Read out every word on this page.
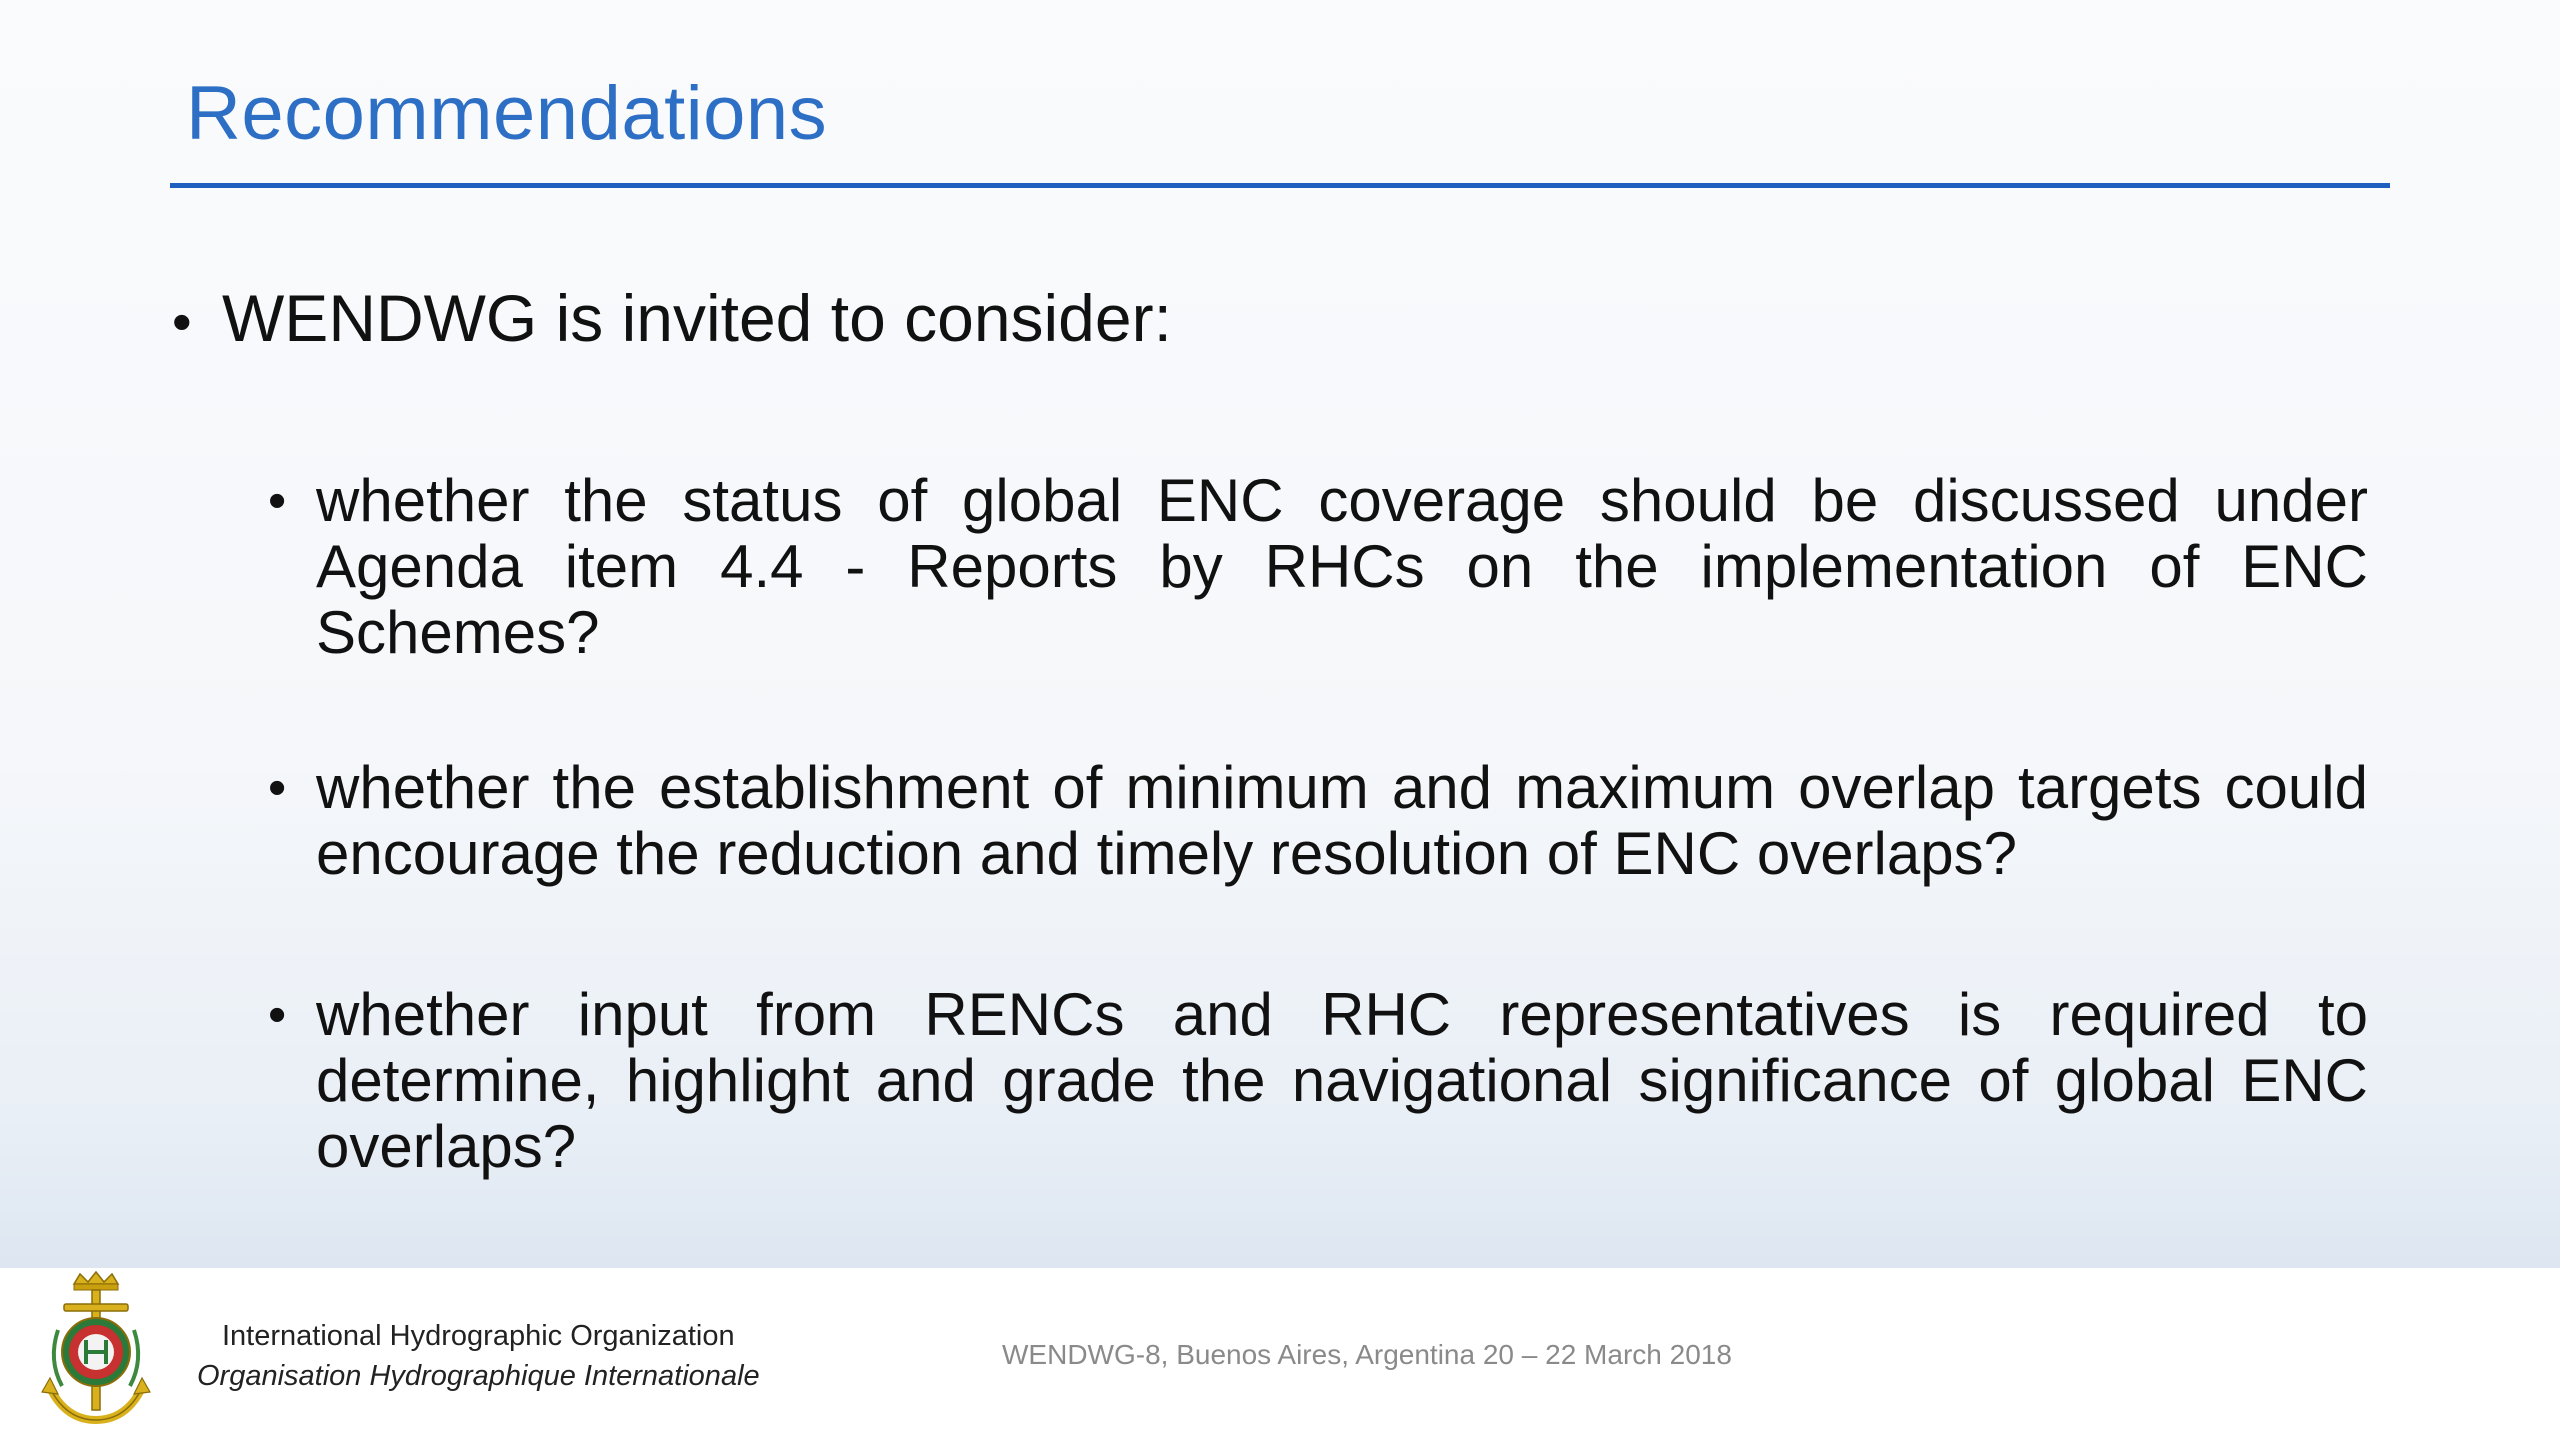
Recommendations
• WENDWG is invited to consider:
• whether the status of global ENC coverage should be discussed under Agenda item 4.4 - Reports by RHCs on the implementation of ENC Schemes?
• whether the establishment of minimum and maximum overlap targets could encourage the reduction and timely resolution of ENC overlaps?
• whether input from RENCs and RHC representatives is required to determine, highlight and grade the navigational significance of global ENC overlaps?
International Hydrographic Organization
Organisation Hydrographique Internationale
WENDWG-8, Buenos Aires, Argentina 20 – 22 March 2018
